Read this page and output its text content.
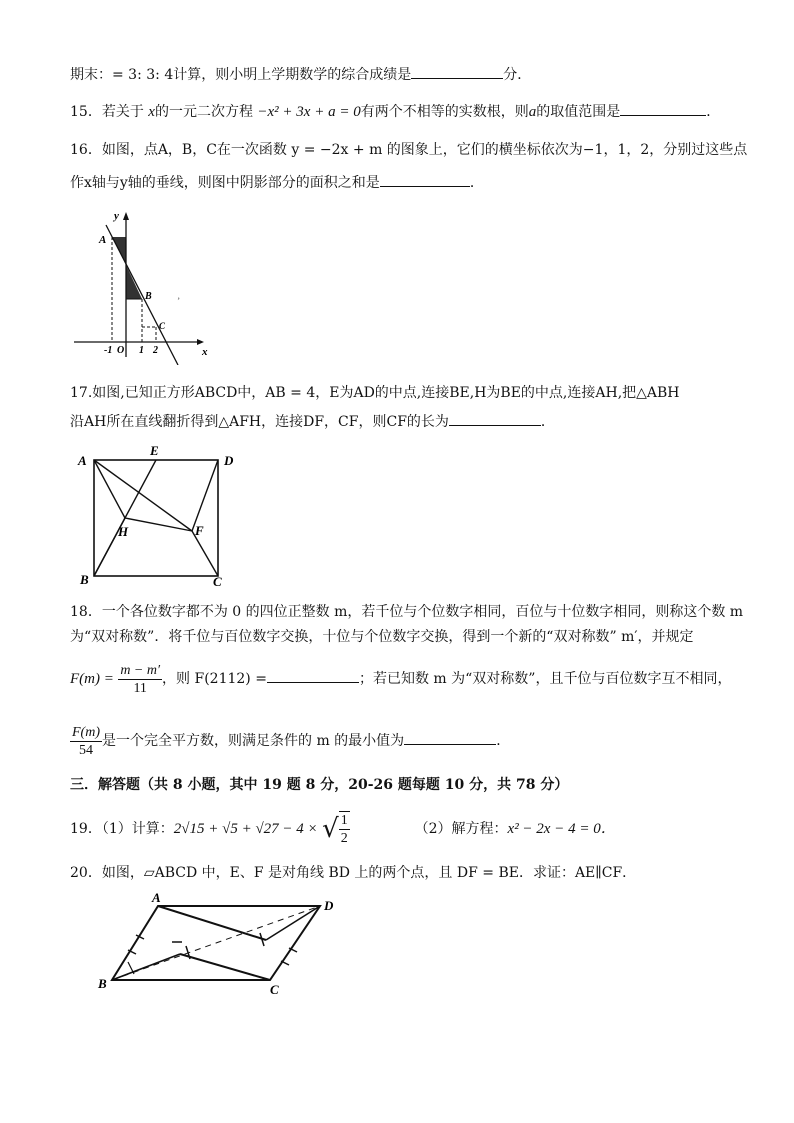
期末：= 3: 3: 4计算，则小明上学期数学的综合成绩是	分．
15．若关于 x的一元二次方程 −x² + 3x + a = 0有两个不相等的实数根，则a的取值范围是	．
16．如图，点A，B，C在一次函数 y = −2x + m 的图象上，它们的横坐标依次为−1，1，2，分别过这些点
作x轴与y轴的垂线，则图中阴影部分的面积之和是	．
y
x
A
B
C
-1 O 1 2
,
17.如图,已知正方形ABCD中，AB = 4，E为AD的中点,连接BE,H为BE的中点,连接AH,把△ABH
沿AH所在直线翻折得到△AFH，连接DF，CF，则CF的长为	．
A	D
E
H	F
B	C
18．一个各位数字都不为 0 的四位正整数 m，若千位与个位数字相同，百位与十位数字相同，则称这个数 m
为“双对称数”．将千位与百位数字交换，十位与个位数字交换，得到一个新的“双对称数” m′，并规定
$F(m) = \frac{m - m'}{11}$ ，则 F(2112) =	；若已知数 m 为“双对称数”，且千位与百位数字互不相同，
$\frac{F(m)}{54}$ 是一个完全平方数，则满足条件的 m 的最小值为	．
三．解答题（共 8 小题，其中 19 题 8 分，20-26 题每题 10 分，共 78 分）
19．（1）计算：2√15 + √5 + √27 − 4 × √ $\frac{1}{2}$	（2）解方程：x² − 2x − 4 = 0．
20．如图，▱ABCD 中，E、F 是对角线 BD 上的两个点，且 DF = BE．求证：AE∥CF．
A
D
B	C
